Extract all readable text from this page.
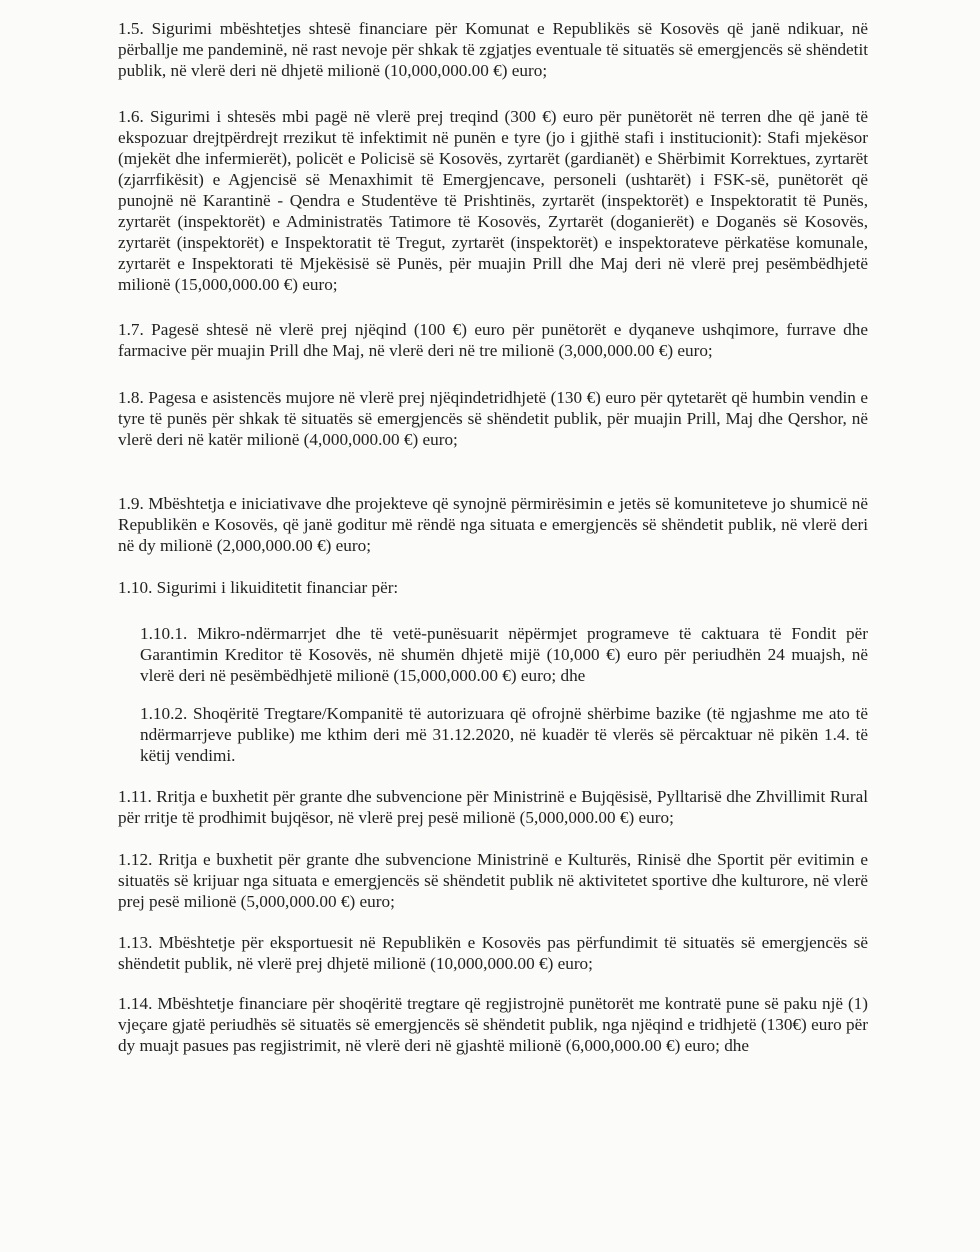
1.5. Sigurimi mbështetjes shtesë financiare për Komunat e Republikës së Kosovës që janë ndikuar, në përballje me pandeminë, në rast nevoje për shkak të zgjatjes eventuale të situatës së emergjencës së shëndetit publik, në vlerë deri në dhjetë milionë (10,000,000.00 €) euro;

1.6. Sigurimi i shtesës mbi pagë në vlerë prej treqind (300 €) euro për punëtorët në terren dhe që janë të ekspozuar drejtpërdrejt rrezikut të infektimit në punën e tyre (jo i gjithë stafi i institucionit): Stafi mjekësor (mjekët dhe infermierët), policët e Policisë së Kosovës, zyrtarët (gardianët) e Shërbimit Korrektues, zyrtarët (zjarrfikësit) e Agjencisë së Menaxhimit të Emergjencave, personeli (ushtarët) i FSK-së, punëtorët që punojnë në Karantinë - Qendra e Studentëve të Prishtinës, zyrtarët (inspektorët) e Inspektoratit të Punës, zyrtarët (inspektorët) e Administratës Tatimore të Kosovës, Zyrtarët (doganierët) e Doganës së Kosovës, zyrtarët (inspektorët) e Inspektoratit të Tregut, zyrtarët (inspektorët) e inspektorateve përkatëse komunale, zyrtarët e Inspektorati të Mjekësisë së Punës, për muajin Prill dhe Maj deri në vlerë prej pesëmbëdhjetë milionë (15,000,000.00 €) euro;

1.7. Pagesë shtesë në vlerë prej njëqind (100 €) euro për punëtorët e dyqaneve ushqimore, furrave dhe farmacive për muajin Prill dhe Maj, në vlerë deri në tre milionë (3,000,000.00 €) euro;

1.8. Pagesa e asistencës mujore në vlerë prej njëqindetridhjetë (130 €) euro për qytetarët që humbin vendin e tyre të punës për shkak të situatës së emergjencës së shëndetit publik, për muajin Prill, Maj dhe Qershor, në vlerë deri në katër milionë (4,000,000.00 €) euro;

1.9. Mbështetja e iniciativave dhe projekteve që synojnë përmirësimin e jetës së komuniteteve jo shumicë në Republikën e Kosovës, që janë goditur më rëndë nga situata e emergjencës së shëndetit publik, në vlerë deri në dy milionë (2,000,000.00 €) euro;

1.10. Sigurimi i likuiditetit financiar për:

1.10.1. Mikro-ndërmarrjet dhe të vetë-punësuarit nëpërmjet programeve të caktuara të Fondit për Garantimin Kreditor të Kosovës, në shumën dhjetë mijë (10,000 €) euro për periudhën 24 muajsh, në vlerë deri në pesëmbëdhjetë milionë (15,000,000.00 €) euro; dhe

1.10.2. Shoqëritë Tregtare/Kompanitë të autorizuara që ofrojnë shërbime bazike (të ngjashme me ato të ndërmarrjeve publike) me kthim deri më 31.12.2020, në kuadër të vlerës së përcaktuar në pikën 1.4. të këtij vendimi.

1.11. Rritja e buxhetit për grante dhe subvencione për Ministrinë e Bujqësisë, Pylltarisë dhe Zhvillimit Rural për rritje të prodhimit bujqësor, në vlerë prej pesë milionë (5,000,000.00 €) euro;

1.12. Rritja e buxhetit për grante dhe subvencione Ministrinë e Kulturës, Rinisë dhe Sportit për evitimin e situatës së krijuar nga situata e emergjencës së shëndetit publik në aktivitetet sportive dhe kulturore, në vlerë prej pesë milionë (5,000,000.00 €) euro;

1.13. Mbështetje për eksportuesit në Republikën e Kosovës pas përfundimit të situatës së emergjencës së shëndetit publik, në vlerë prej dhjetë milionë (10,000,000.00 €) euro;

1.14. Mbështetje financiare për shoqëritë tregtare që regjistrojnë punëtorët me kontratë pune së paku një (1) vjeçare gjatë periudhës së situatës së emergjencës së shëndetit publik, nga njëqind e tridhjetë (130€) euro për dy muajt pasues pas regjistrimit, në vlerë deri në gjashtë milionë (6,000,000.00 €) euro; dhe
